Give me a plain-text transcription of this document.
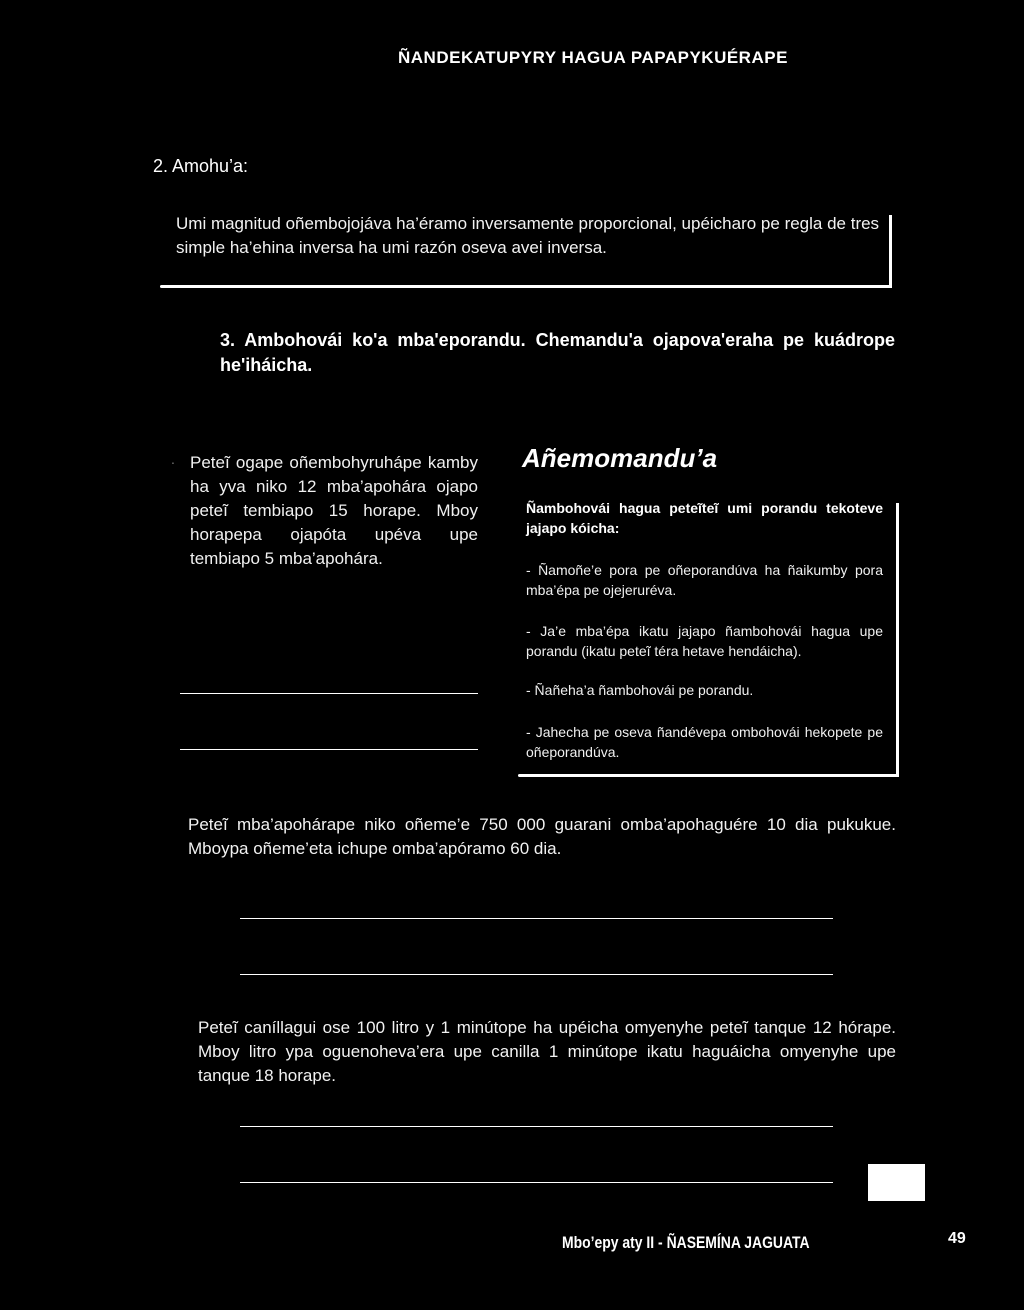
ÑANDEKATUPYRY HAGUA PAPAPYKUÉRAPE
2. Amohu’a:
Umi magnitud oñembojojáva ha’éramo inversamente proporcional, upéicharo pe regla de tres simple ha’ehina inversa ha umi razón oseva avei inversa.
3. Ambohovái ko'a mba'eporandu. Chemandu'a ojapova'eraha pe kuádrope he'iháicha.
. Peteĩ ogape oñembohyruhápe kamby ha yva niko 12 mba’apohára ojapo peteĩ tembiapo 15 horape. Mboy horapepa ojapóta upéva upe tembiapo 5 mba’apohára.
Añemomandu’a
Ñambohovái hagua peteĩteĩ umi porandu tekoteve jajapo kóicha:
- Ñamoñe’e pora pe oñeporandúva ha ñaikumby pora mba’épa pe ojejeruréva.
- Ja’e mba’épa ikatu jajapo ñambohovái hagua upe porandu (ikatu peteĩ téra hetave hendáicha).
- Ñañeha’a ñambohovái pe porandu.
- Jahecha pe oseva ñandévepa ombohovái hekopete pe oñeporandúva.
Peteĩ mba’apohárape niko oñeme’e 750 000 guarani omba’apohaguére 10 dia pukukue. Mboypa oñeme’eta ichupe omba’apóramo 60 dia.
Peteĩ caníllagui ose 100 litro y 1 minútope ha upéicha omyenyhe peteĩ tanque 12 hórape. Mboy litro ypa oguenoheva’era upe canilla 1 minútope ikatu haguáicha omyenyhe upe tanque 18 horape.
Mbo’epy aty II - ÑASEMÍNA JAGUATA	49
